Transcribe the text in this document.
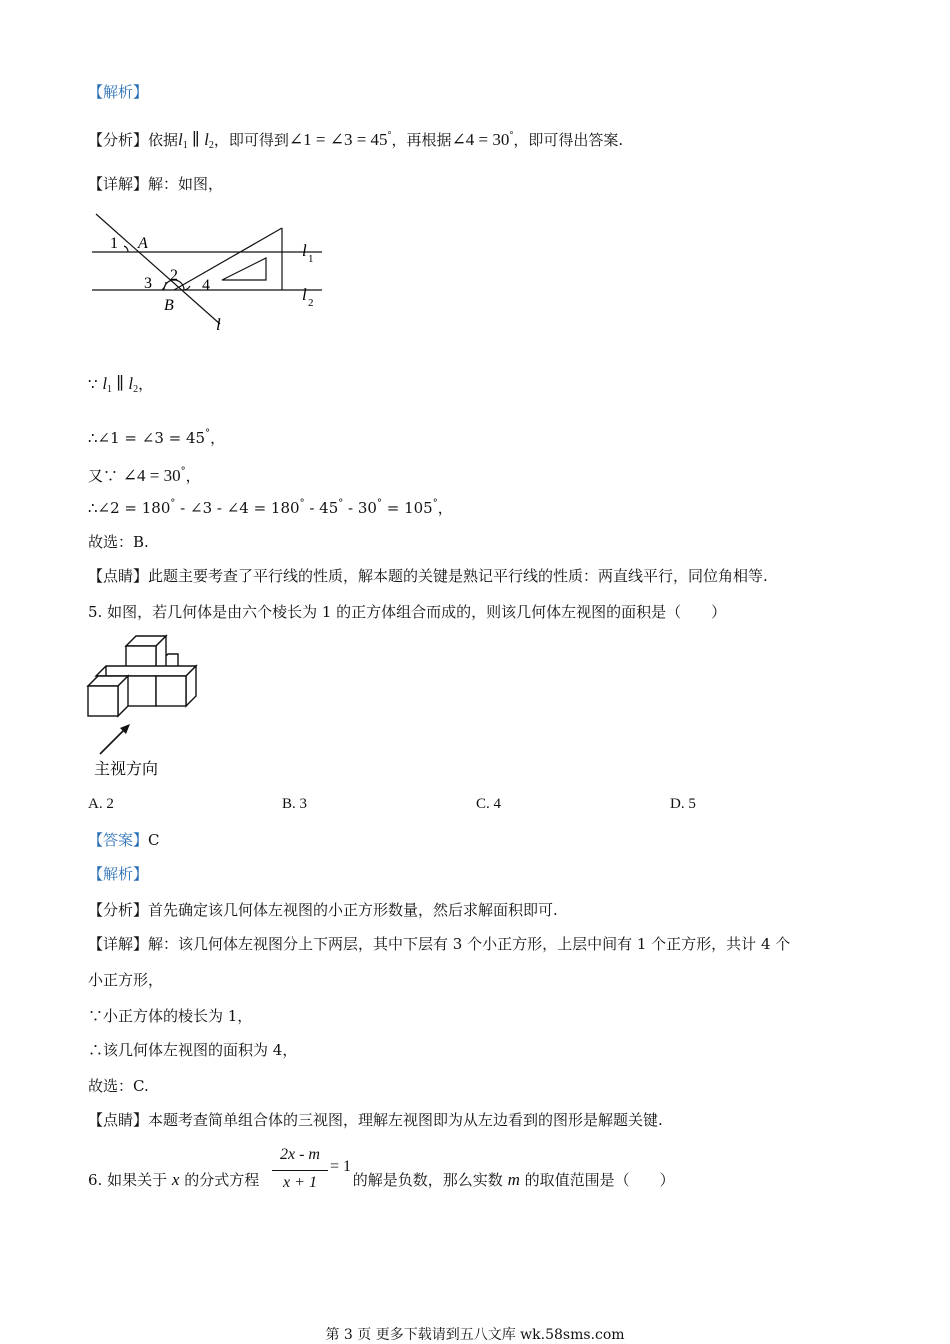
【解析】
【分析】依据$l_1$ ∥ $l_2$，即可得到∠1 = ∠3 = 45°，再根据∠4 = 30°，即可得出答案.
【详解】解：如图，
1 A
2
3	4
B
l
l 1
l 2
∵ $l_1$ ∥ $l_2$，
∴∠1 = ∠3 = 45°，
又∵ ∠4 = 30°，
∴∠2 = 180° - ∠3 - ∠4 = 180° - 45° - 30° = 105°，
故选：B.
【点睛】此题主要考查了平行线的性质，解本题的关键是熟记平行线的性质：两直线平行，同位角相等.
5. 如图，若几何体是由六个棱长为 1 的正方体组合而成的，则该几何体左视图的面积是（　　）
主视方向
A. 2	B. 3	C. 4	D. 5
【答案】C
【解析】
【分析】首先确定该几何体左视图的小正方形数量，然后求解面积即可.
【详解】解：该几何体左视图分上下两层，其中下层有 3 个小正方形，上层中间有 1 个正方形，共计 4 个
小正方形，
∵小正方体的棱长为 1，
∴该几何体左视图的面积为 4，
故选：C.
【点睛】本题考查简单组合体的三视图，理解左视图即为从左边看到的图形是解题关键.
6. 如果关于 x 的分式方程	的解是负数，那么实数 m 的取值范围是（　　）
2x - m
x + 1
= 1
第 3 页 更多下载请到五八文库 wk.58sms.com
